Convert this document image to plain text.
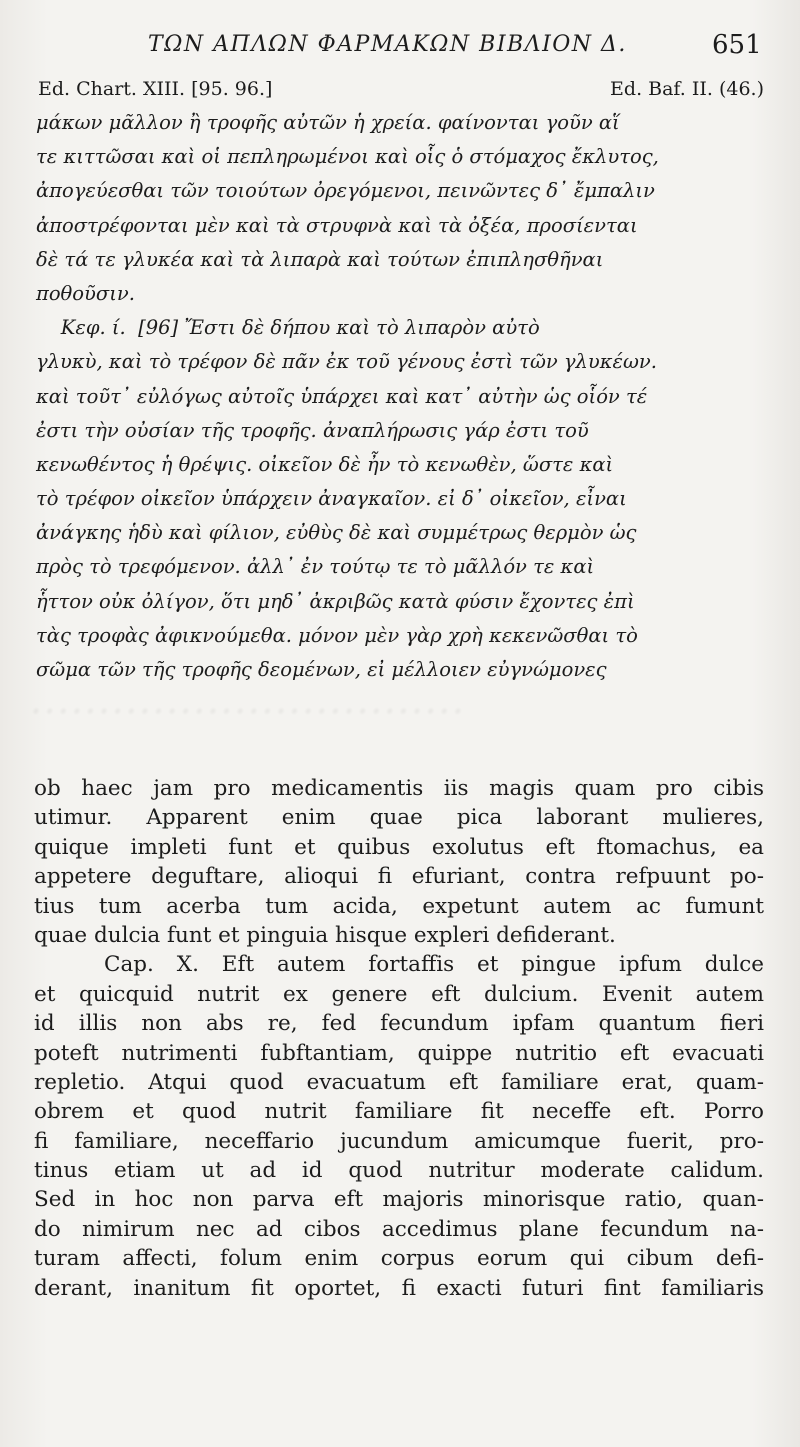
ΤΩΝ ΑΠΛΩΝ ΦΑΡΜΑΚΩΝ ΒΙΒΛΙΟΝ Δ.	651
Ed. Chart. XIII. [95. 96.]	Ed. Baf. II. (46.)
μάκων μᾶλλον ἢ τροφῆς αὐτῶν ἡ χρεία. φαίνονται γοῦν αἵ
τε κιττῶσαι καὶ οἱ πεπληρωμένοι καὶ οἷς ὁ στόμαχος ἔκλυτος,
ἀπογεύεσθαι τῶν τοιούτων ὀρεγόμενοι, πεινῶντες δ᾽ ἔμπαλιν
ἀποστρέφονται μὲν καὶ τὰ στρυφνὰ καὶ τὰ ὀξέα, προσίενται
δὲ τά τε γλυκέα καὶ τὰ λιπαρὰ καὶ τούτων ἐπιπλησθῆναι
ποθοῦσιν.
Κεφ. ί.  [96] Ἔστι δὲ δήπου καὶ τὸ λιπαρὸν αὐτὸ
γλυκὺ, καὶ τὸ τρέφον δὲ πᾶν ἐκ τοῦ γένους ἐστὶ τῶν γλυκέων.
καὶ τοῦτ᾽ εὐλόγως αὐτοῖς ὑπάρχει καὶ κατ᾽ αὐτὴν ὡς οἷόν τέ
ἐστι τὴν οὐσίαν τῆς τροφῆς. ἀναπλήρωσις γάρ ἐστι τοῦ
κενωθέντος ἡ θρέψις. οἰκεῖον δὲ ἦν τὸ κενωθὲν, ὥστε καὶ
τὸ τρέφον οἰκεῖον ὑπάρχειν ἀναγκαῖον. εἰ δ᾽ οἰκεῖον, εἶναι
ἀνάγκης ἡδὺ καὶ φίλιον, εὐθὺς δὲ καὶ συμμέτρως θερμὸν ὡς
πρὸς τὸ τρεφόμενον. ἀλλ᾽ ἐν τούτῳ τε τὸ μᾶλλόν τε καὶ
ἧττον οὐκ ὀλίγον, ὅτι μηδ᾽ ἀκριβῶς κατὰ φύσιν ἔχοντες ἐπὶ
τὰς τροφὰς ἀφικνούμεθα. μόνον μὲν γὰρ χρὴ κεκενῶσθαι τὸ
σῶμα τῶν τῆς τροφῆς δεομένων, εἰ μέλλοιεν εὐγνώμονες
ﾟ ﾟ ﾟ ﾟ ﾟ ﾟ ﾟ ﾟ ﾟ ﾟ ﾟ ﾟ ﾟ ﾟ ﾟ ﾟ ﾟ ﾟ ﾟ ﾟ ﾟ ﾟ ﾟ ﾟ ﾟ ﾟ ﾟ ﾟ ﾟ ﾟ ﾟ ﾟ
ob haec jam pro medicamentis iis magis quam pro cibis
utimur. Apparent enim quae pica laborant mulieres,
quique impleti funt et quibus exolutus eft ftomachus, ea
appetere deguftare, alioqui fi efuriant, contra refpuunt po-
tius tum acerba tum acida, expetunt autem ac fumunt
quae dulcia funt et pinguia hisque expleri defiderant.
Cap. X. Eft autem fortaffis et pingue ipfum dulce
et quicquid nutrit ex genere eft dulcium. Evenit autem
id illis non abs re, fed fecundum ipfam quantum fieri
poteft nutrimenti fubftantiam, quippe nutritio eft evacuati
repletio. Atqui quod evacuatum eft familiare erat, quam-
obrem et quod nutrit familiare fit neceffe eft. Porro
fi familiare, neceffario jucundum amicumque fuerit, pro-
tinus etiam ut ad id quod nutritur moderate calidum.
Sed in hoc non parva eft majoris minorisque ratio, quan-
do nimirum nec ad cibos accedimus plane fecundum na-
turam affecti, folum enim corpus eorum qui cibum defi-
derant, inanitum fit oportet, fi exacti futuri fint familiaris
